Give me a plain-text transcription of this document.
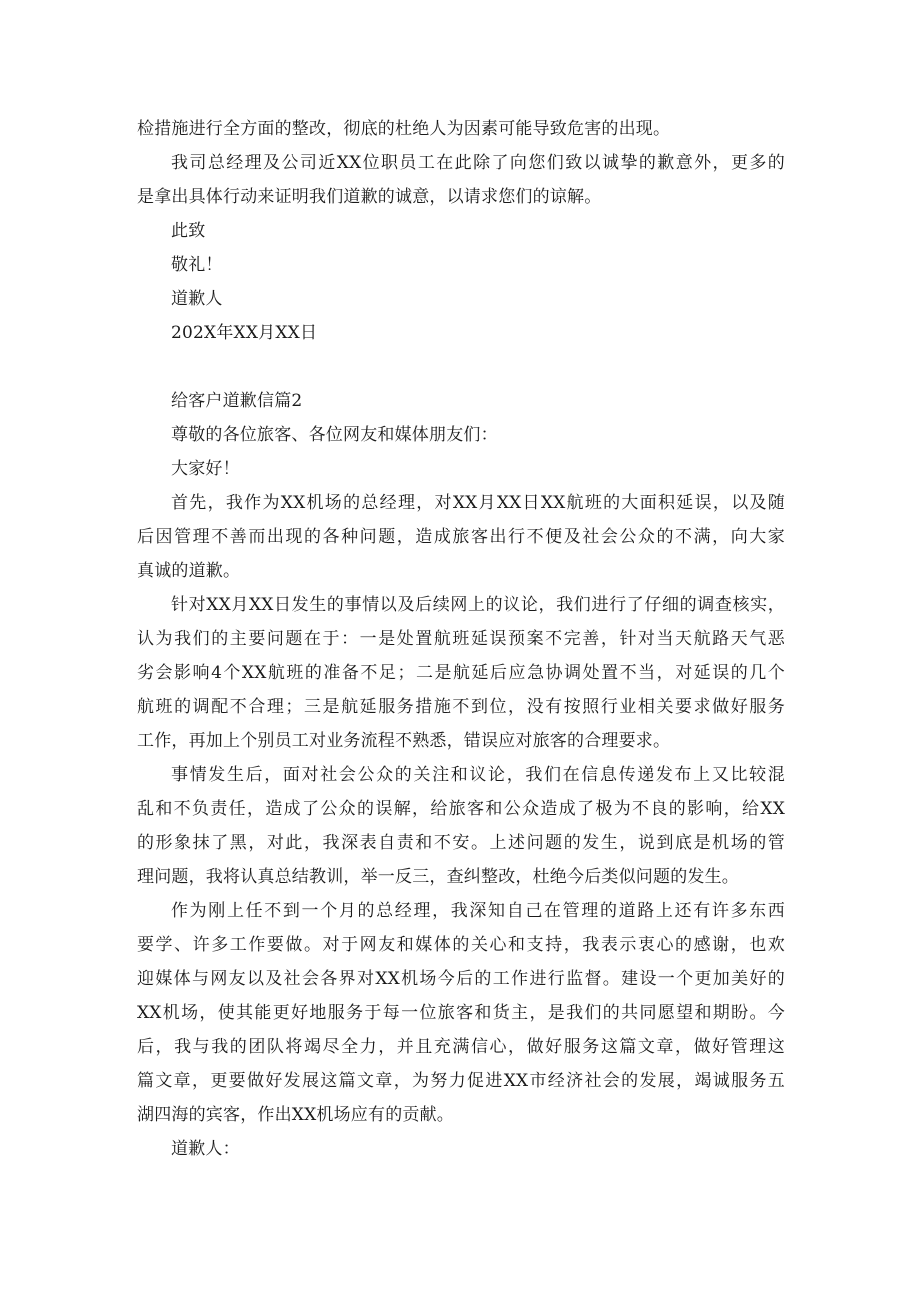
检措施进行全方面的整改，彻底的杜绝人为因素可能导致危害的出现。
我司总经理及公司近XX位职员工在此除了向您们致以诚挚的歉意外，更多的
是拿出具体行动来证明我们道歉的诚意，以请求您们的谅解。
此致
敬礼！
道歉人
202X年XX月XX日
给客户道歉信篇2
尊敬的各位旅客、各位网友和媒体朋友们：
大家好！
首先，我作为XX机场的总经理，对XX月XX日XX航班的大面积延误，以及随
后因管理不善而出现的各种问题，造成旅客出行不便及社会公众的不满，向大家
真诚的道歉。
针对XX月XX日发生的事情以及后续网上的议论，我们进行了仔细的调查核实，
认为我们的主要问题在于：一是处置航班延误预案不完善，针对当天航路天气恶
劣会影响4个XX航班的准备不足；二是航延后应急协调处置不当，对延误的几个
航班的调配不合理；三是航延服务措施不到位，没有按照行业相关要求做好服务
工作，再加上个别员工对业务流程不熟悉，错误应对旅客的合理要求。
事情发生后，面对社会公众的关注和议论，我们在信息传递发布上又比较混
乱和不负责任，造成了公众的误解，给旅客和公众造成了极为不良的影响，给XX
的形象抹了黑，对此，我深表自责和不安。上述问题的发生，说到底是机场的管
理问题，我将认真总结教训，举一反三，查纠整改，杜绝今后类似问题的发生。
作为刚上任不到一个月的总经理，我深知自己在管理的道路上还有许多东西
要学、许多工作要做。对于网友和媒体的关心和支持，我表示衷心的感谢，也欢
迎媒体与网友以及社会各界对XX机场今后的工作进行监督。建设一个更加美好的
XX机场，使其能更好地服务于每一位旅客和货主，是我们的共同愿望和期盼。今
后，我与我的团队将竭尽全力，并且充满信心，做好服务这篇文章，做好管理这
篇文章，更要做好发展这篇文章，为努力促进XX市经济社会的发展，竭诚服务五
湖四海的宾客，作出XX机场应有的贡献。
道歉人：
